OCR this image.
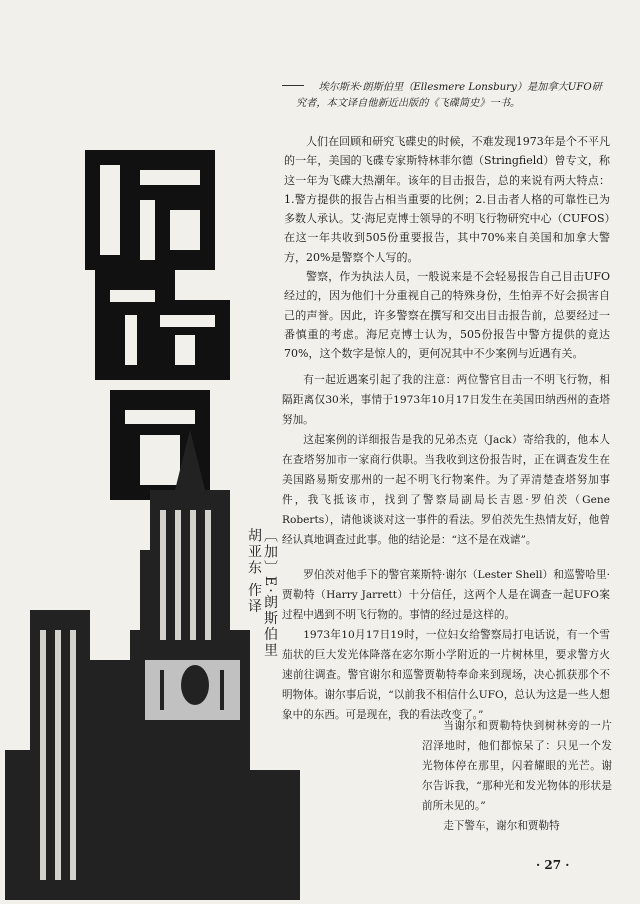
埃尔斯米·朗斯伯里（Ellesmere Lonsbury）是加拿大UFO研究者，本文译自他新近出版的《飞碟简史》一书。

〔加〕E·朗斯伯里
胡亚东 作译

人们在回顾和研究飞碟史的时候，不难发现1973年是个不平凡的一年，美国的飞碟专家斯特林菲尔德（Stringfield）曾专文，称这一年为飞碟大热潮年。该年的目击报告，总的来说有两大特点：1.警方提供的报告占相当重要的比例；2.目击者人格的可靠性已为多数人承认。艾·海尼克博士领导的不明飞行物研究中心（CUFOS）在这一年共收到505份重要报告，其中70%来自美国和加拿大警方，20%是警察个人写的。

警察，作为执法人员，一般说来是不会轻易报告自己目击UFO经过的，因为他们十分重视自己的特殊身份，生怕弄不好会损害自己的声誉。因此，许多警察在撰写和交出目击报告前，总要经过一番慎重的考虑。海尼克博士认为，505份报告中警方提供的竟达70%，这个数字是惊人的，更何况其中不少案例与近遇有关。

有一起近遇案引起了我的注意：两位警官目击一不明飞行物，相隔距离仅30米，事情于1973年10月17日发生在美国田纳西州的查塔努加。

这起案例的详细报告是我的兄弟杰克（Jack）寄给我的，他本人在查塔努加市一家商行供职。当我收到这份报告时，正在调查发生在美国路易斯安那州的一起不明飞行物案件。为了弄清楚查塔努加事件，我飞抵该市，找到了警察局副局长吉恩·罗伯茨（Gene Roberts），请他谈谈对这一事件的看法。罗伯茨先生热情友好，他曾经认真地调查过此事。他的结论是：“这不是在戏谑”。

罗伯茨对他手下的警官莱斯特·谢尔（Lester Shell）和巡警哈里·贾勒特（Harry Jarrett）十分信任，这两个人是在调查一起UFO案过程中遇到不明飞行物的。事情的经过是这样的。

1973年10月17日19时，一位妇女给警察局打电话说，有一个雪茄状的巨大发光体降落在宓尔斯小学附近的一片树林里，要求警方火速前往调查。警官谢尔和巡警贾勒特奉命来到现场，决心抓获那个不明物体。谢尔事后说，“以前我不相信什么UFO，总认为这是一些人想象中的东西。可是现在，我的看法改变了。”

当谢尔和贾勒特快到树林旁的一片沼泽地时，他们都惊呆了：只见一个发光物体停在那里，闪着耀眼的光芒。谢尔告诉我，“那种光和发光物体的形状是前所未见的。”

走下警车，谢尔和贾勒特

· 27 ·
